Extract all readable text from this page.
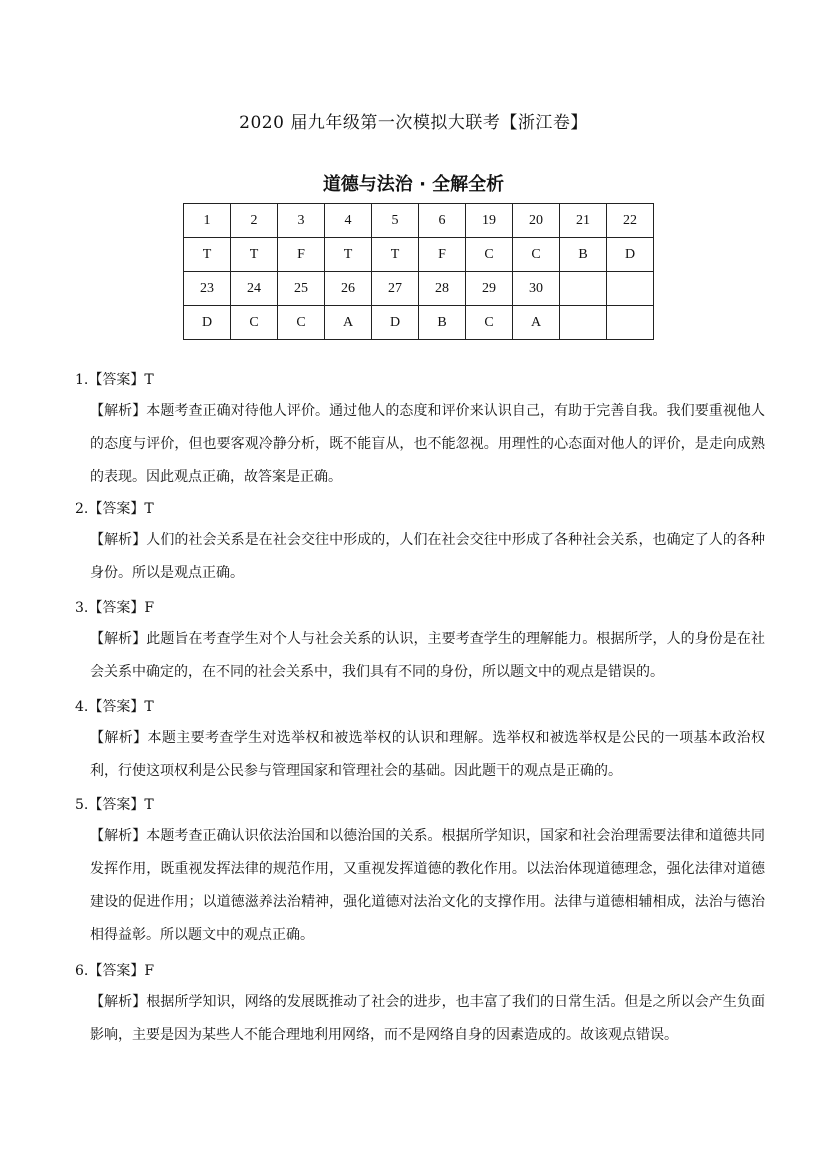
2020 届九年级第一次模拟大联考【浙江卷】
道德与法治 · 全解全析
1	2	3	4	5	6	19	20	21	22
T	T	F	T	T	F	C	C	B	D
23	24	25	26	27	28	29	30		
D	C	C	A	D	B	C	A		
1.【答案】T
【解析】本题考查正确对待他人评价。通过他人的态度和评价来认识自己，有助于完善自我。我们要重视他人的态度与评价，但也要客观冷静分析，既不能盲从，也不能忽视。用理性的心态面对他人的评价，是走向成熟的表现。因此观点正确，故答案是正确。
2.【答案】T
【解析】人们的社会关系是在社会交往中形成的，人们在社会交往中形成了各种社会关系，也确定了人的各种身份。所以是观点正确。
3.【答案】F
【解析】此题旨在考查学生对个人与社会关系的认识，主要考查学生的理解能力。根据所学，人的身份是在社会关系中确定的，在不同的社会关系中，我们具有不同的身份，所以题文中的观点是错误的。
4.【答案】T
【解析】本题主要考查学生对选举权和被选举权的认识和理解。选举权和被选举权是公民的一项基本政治权利，行使这项权利是公民参与管理国家和管理社会的基础。因此题干的观点是正确的。
5.【答案】T
【解析】本题考查正确认识依法治国和以德治国的关系。根据所学知识，国家和社会治理需要法律和道德共同发挥作用，既重视发挥法律的规范作用，又重视发挥道德的教化作用。以法治体现道德理念，强化法律对道德建设的促进作用；以道德滋养法治精神，强化道德对法治文化的支撑作用。法律与道德相辅相成，法治与德治相得益彰。所以题文中的观点正确。
6.【答案】F
【解析】根据所学知识，网络的发展既推动了社会的进步，也丰富了我们的日常生活。但是之所以会产生负面影响，主要是因为某些人不能合理地利用网络，而不是网络自身的因素造成的。故该观点错误。
